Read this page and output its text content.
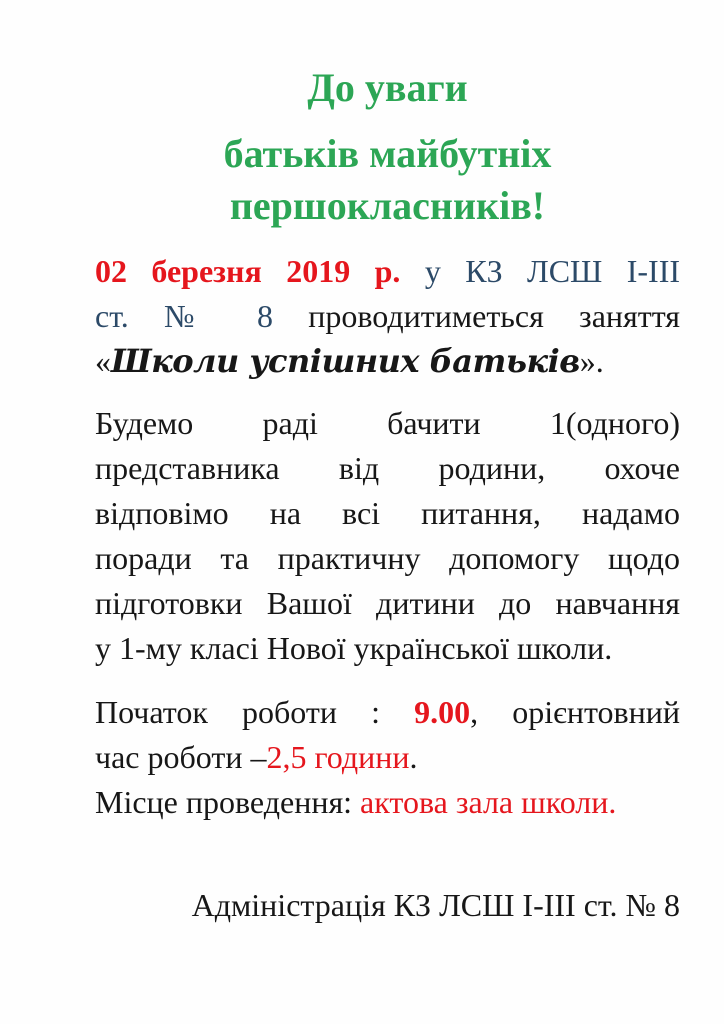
До уваги
батьків майбутніх
першокласників!
02 березня 2019 р. у КЗ ЛСШ І-ІІІ
ст. № 8 проводитиметься заняття
«Школи успішних батьків».
Будемо раді бачити 1(одного)
представника від родини, охоче
відповімо на всі питання, надамо
поради та практичну допомогу щодо
підготовки Вашої дитини до навчання
у 1-му класі Нової української школи.
Початок роботи : 9.00, орієнтовний
час роботи –2,5 години.
Місце проведення: актова зала школи.
Адміністрація КЗ ЛСШ І-ІІІ ст. № 8
